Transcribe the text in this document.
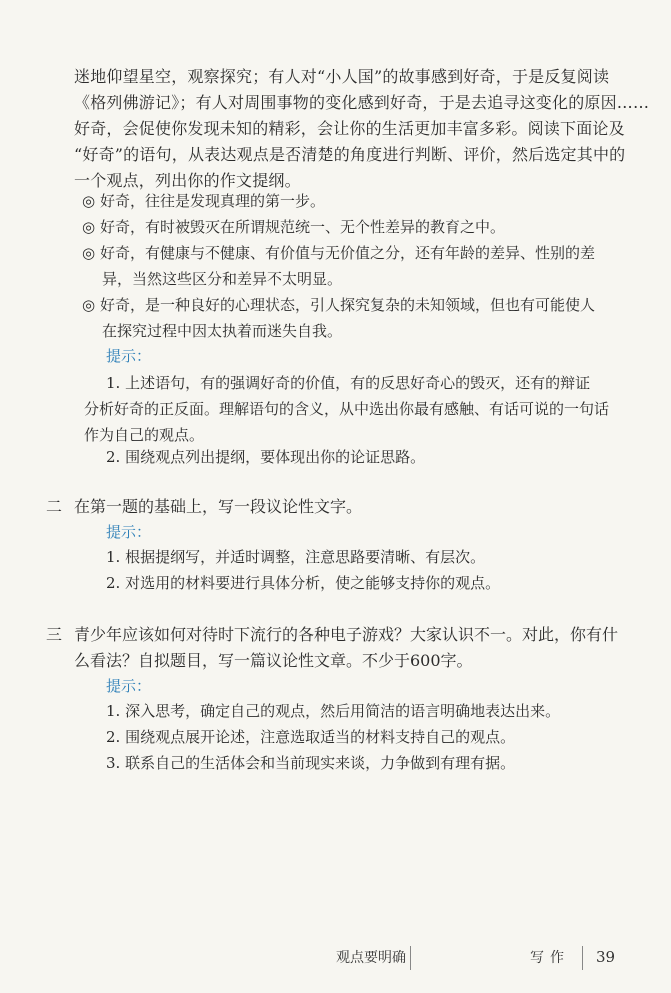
迷地仰望星空，观察探究；有人对“小人国”的故事感到好奇，于是反复阅读
《格列佛游记》；有人对周围事物的变化感到好奇，于是去追寻这变化的原因……
好奇，会促使你发现未知的精彩，会让你的生活更加丰富多彩。阅读下面论及
“好奇”的语句，从表达观点是否清楚的角度进行判断、评价，然后选定其中的
一个观点，列出你的作文提纲。
◎ 好奇，往往是发现真理的第一步。
◎ 好奇，有时被毁灭在所谓规范统一、无个性差异的教育之中。
◎ 好奇，有健康与不健康、有价值与无价值之分，还有年龄的差异、性别的差
异，当然这些区分和差异不太明显。
◎ 好奇，是一种良好的心理状态，引人探究复杂的未知领域，但也有可能使人
在探究过程中因太执着而迷失自我。
提示：
1. 上述语句，有的强调好奇的价值，有的反思好奇心的毁灭，还有的辩证
分析好奇的正反面。理解语句的含义，从中选出你最有感触、有话可说的一句话
作为自己的观点。
2. 围绕观点列出提纲，要体现出你的论证思路。
二 在第一题的基础上，写一段议论性文字。
提示：
1. 根据提纲写，并适时调整，注意思路要清晰、有层次。
2. 对选用的材料要进行具体分析，使之能够支持你的观点。
三 青少年应该如何对待时下流行的各种电子游戏？大家认识不一。对此，你有什
么看法？自拟题目，写一篇议论性文章。不少于600字。
提示：
1. 深入思考，确定自己的观点，然后用简洁的语言明确地表达出来。
2. 围绕观点展开论述，注意选取适当的材料支持自己的观点。
3. 联系自己的生活体会和当前现实来谈，力争做到有理有据。
观点要明确	写作 39
